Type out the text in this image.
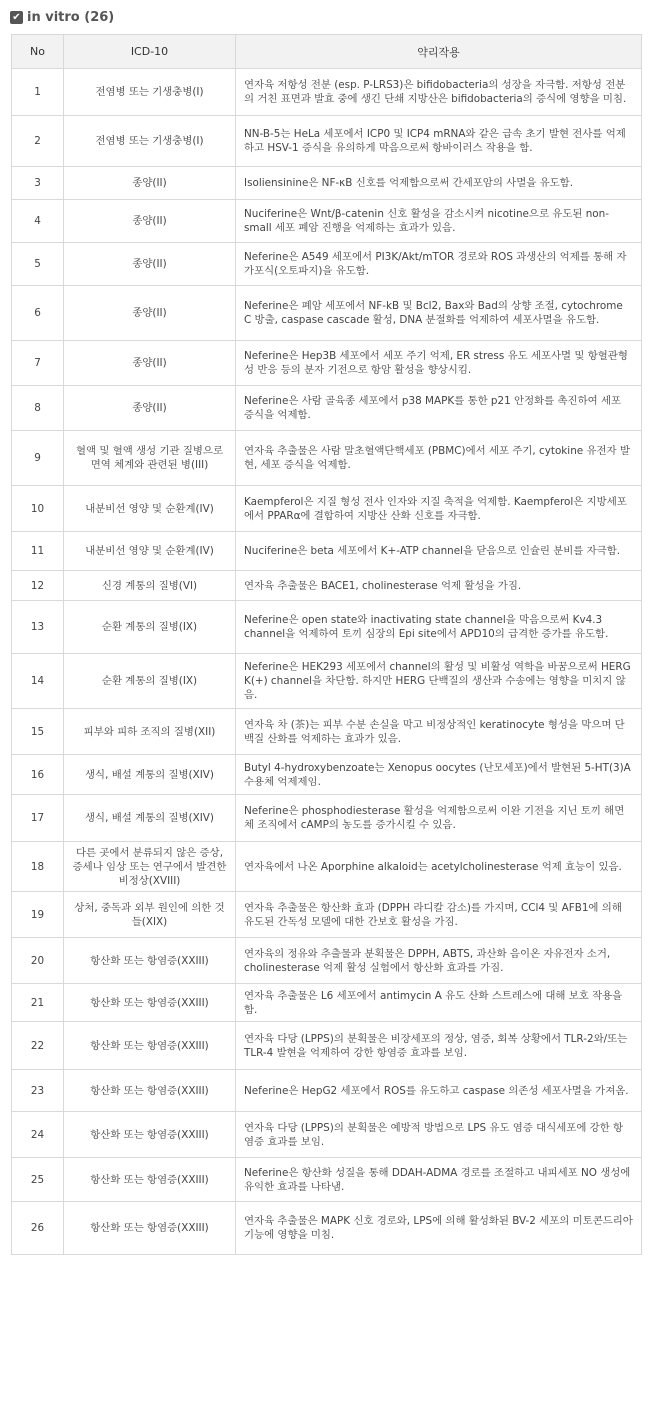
✔ in vitro (26)
No	ICD-10	약리작용
1	전염병 또는 기생충병(I)	연자육 저항성 전분 (esp. P-LRS3)은 bifidobacteria의 성장을 자극함. 저항성 전분의 거친 표면과 발효 중에 생긴 단쇄 지방산은 bifidobacteria의 증식에 영향을 미침.
2	전염병 또는 기생충병(I)	NN-B-5는 HeLa 세포에서 ICP0 및 ICP4 mRNA와 같은 급속 초기 발현 전사를 억제하고 HSV-1 증식을 유의하게 막음으로써 항바이러스 작용을 함.
3	종양(II)	Isoliensinine은 NF-κB 신호를 억제함으로써 간세포암의 사멸을 유도함.
4	종양(II)	Nuciferine은 Wnt/β-catenin 신호 활성을 감소시켜 nicotine으로 유도된 non-small 세포 폐암 진행을 억제하는 효과가 있음.
5	종양(II)	Neferine은 A549 세포에서 PI3K/Akt/mTOR 경로와 ROS 과생산의 억제를 통해 자가포식(오토파지)을 유도함.
6	종양(II)	Neferine은 폐암 세포에서 NF-kB 및 Bcl2, Bax와 Bad의 상향 조절, cytochrome C 방출, caspase cascade 활성, DNA 분절화를 억제하여 세포사멸을 유도함.
7	종양(II)	Neferine은 Hep3B 세포에서 세포 주기 억제, ER stress 유도 세포사멸 및 항혈관형성 반응 등의 분자 기전으로 항암 활성을 향상시킴.
8	종양(II)	Neferine은 사람 골육종 세포에서 p38 MAPK를 통한 p21 안정화를 촉진하여 세포 증식을 억제함.
9	혈액 및 혈액 생성 기관 질병으로 면역 체계와 관련된 병(III)	연자육 추출물은 사람 말초혈액단핵세포 (PBMC)에서 세포 주기, cytokine 유전자 발현, 세포 증식을 억제함.
10	내분비선 영양 및 순환계(IV)	Kaempferol은 지질 형성 전사 인자와 지질 축적을 억제함. Kaempferol은 지방세포에서 PPARα에 결합하여 지방산 산화 신호를 자극함.
11	내분비선 영양 및 순환계(IV)	Nuciferine은 beta 세포에서 K+-ATP channel을 닫음으로 인슐린 분비를 자극함.
12	신경 계통의 질병(VI)	연자육 추출물은 BACE1, cholinesterase 억제 활성을 가짐.
13	순환 계통의 질병(IX)	Neferine은 open state와 inactivating state channel을 막음으로써 Kv4.3 channel을 억제하여 토끼 심장의 Epi site에서 APD10의 급격한 증가를 유도함.
14	순환 계통의 질병(IX)	Neferine은 HEK293 세포에서 channel의 활성 및 비활성 역학을 바꿈으로써 HERG K(+) channel을 차단함. 하지만 HERG 단백질의 생산과 수송에는 영향을 미치지 않음.
15	피부와 피하 조직의 질병(XII)	연자육 차 (茶)는 피부 수분 손실을 막고 비정상적인 keratinocyte 형성을 막으며 단백질 산화를 억제하는 효과가 있음.
16	생식, 배설 계통의 질병(XIV)	Butyl 4-hydroxybenzoate는 Xenopus oocytes (난모세포)에서 발현된 5-HT(3)A 수용체 억제제임.
17	생식, 배설 계통의 질병(XIV)	Neferine은 phosphodiesterase 활성을 억제함으로써 이완 기전을 지닌 토끼 해면체 조직에서 cAMP의 농도를 증가시킬 수 있음.
18	다른 곳에서 분류되지 않은 증상, 증세나 임상 또는 연구에서 발견한 비정상(XVIII)	연자육에서 나온 Aporphine alkaloid는 acetylcholinesterase 억제 효능이 있음.
19	상처, 중독과 외부 원인에 의한 것들(XIX)	연자육 추출물은 항산화 효과 (DPPH 라디칼 감소)를 가지며, CCl4 및 AFB1에 의해 유도된 간독성 모델에 대한 간보호 활성을 가짐.
20	항산화 또는 항염증(XXIII)	연자육의 정유와 추출물과 분획물은 DPPH, ABTS, 과산화 음이온 자유전자 소거, cholinesterase 억제 활성 실험에서 항산화 효과를 가짐.
21	항산화 또는 항염증(XXIII)	연자육 추출물은 L6 세포에서 antimycin A 유도 산화 스트레스에 대해 보호 작용을 함.
22	항산화 또는 항염증(XXIII)	연자육 다당 (LPPS)의 분획물은 비장세포의 정상, 염증, 회복 상황에서 TLR-2와/또는 TLR-4 발현을 억제하여 강한 항염증 효과를 보임.
23	항산화 또는 항염증(XXIII)	Neferine은 HepG2 세포에서 ROS를 유도하고 caspase 의존성 세포사멸을 가져옴.
24	항산화 또는 항염증(XXIII)	연자육 다당 (LPPS)의 분획물은 예방적 방법으로 LPS 유도 염증 대식세포에 강한 항염증 효과를 보임.
25	항산화 또는 항염증(XXIII)	Neferine은 항산화 성질을 통해 DDAH-ADMA 경로를 조절하고 내피세포 NO 생성에 유익한 효과를 나타냄.
26	항산화 또는 항염증(XXIII)	연자육 추출물은 MAPK 신호 경로와, LPS에 의해 활성화된 BV-2 세포의 미토콘드리아 기능에 영향을 미침.
